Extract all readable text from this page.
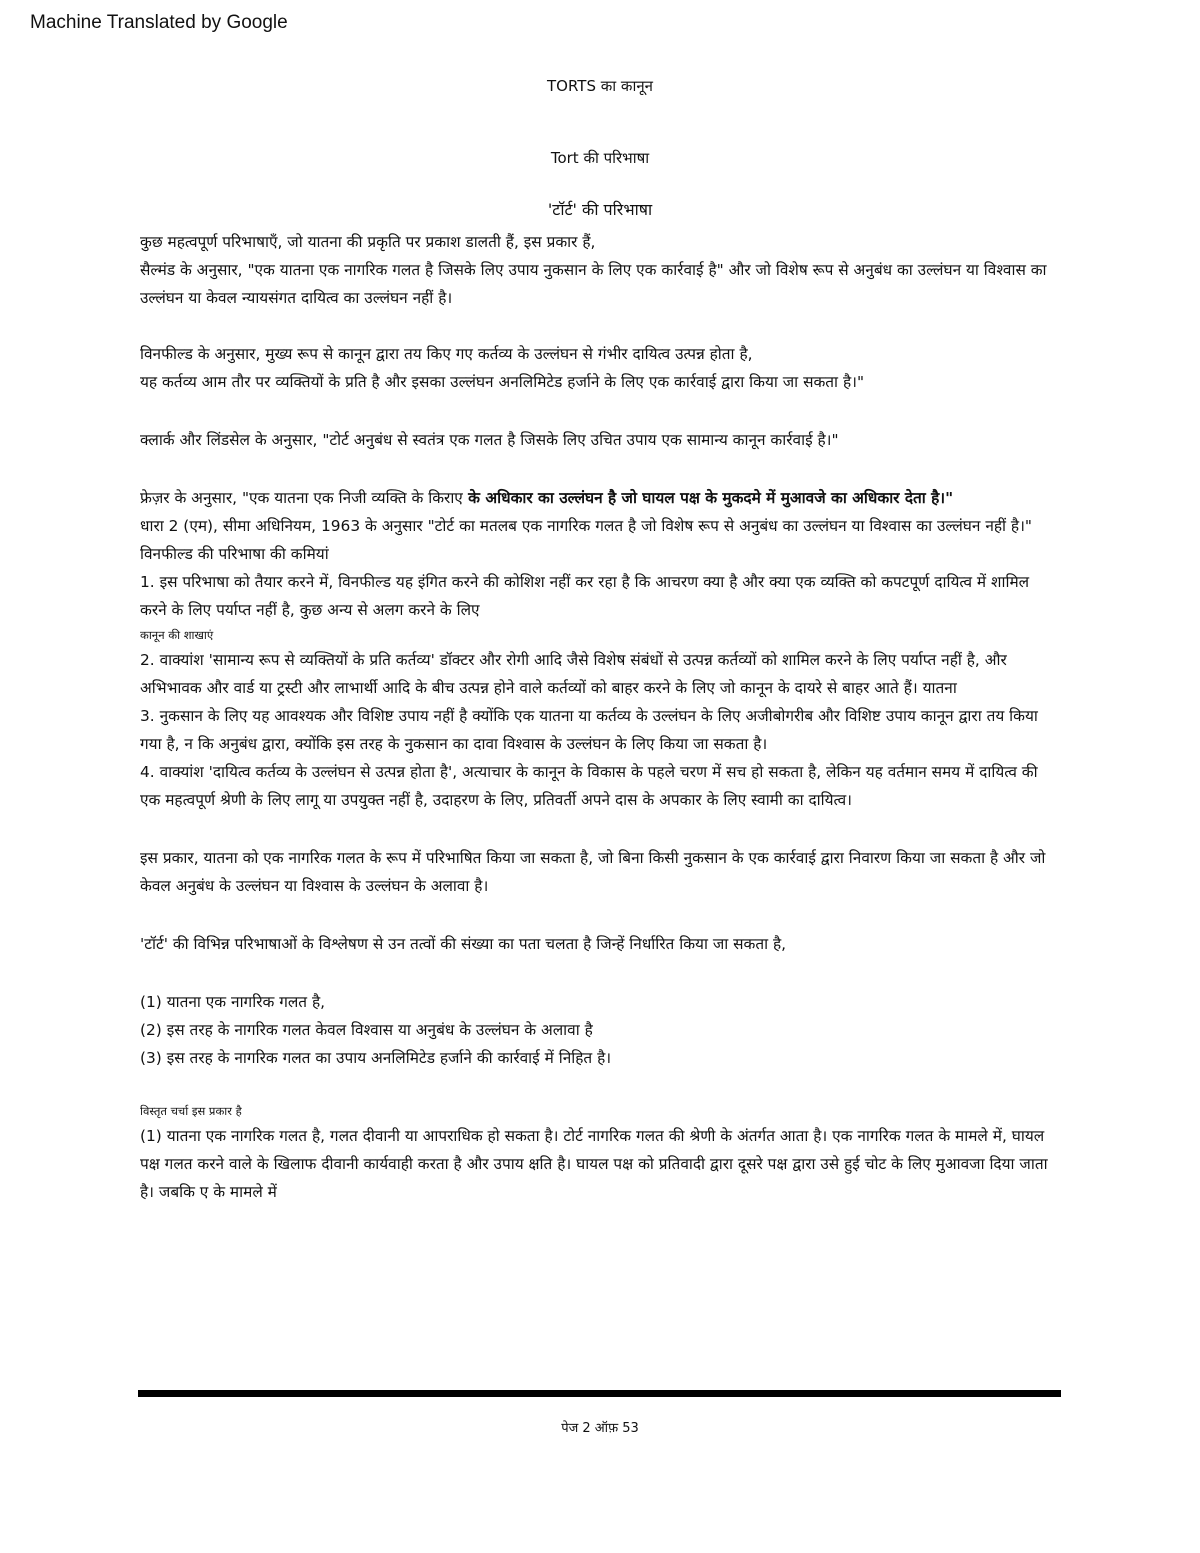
Machine Translated by Google
TORTS का कानून
Tort की परिभाषा
'टॉर्ट' की परिभाषा

कुछ महत्वपूर्ण परिभाषाएँ, जो यातना की प्रकृति पर प्रकाश डालती हैं, इस प्रकार हैं,

सैल्मंड के अनुसार, "एक यातना एक नागरिक गलत है जिसके लिए उपाय नुकसान के लिए एक कार्रवाई है" और जो विशेष रूप से अनुबंध का उल्लंघन या विश्वास का उल्लंघन या केवल न्यायसंगत दायित्व का उल्लंघन नहीं है।

विनफील्ड के अनुसार, मुख्य रूप से कानून द्वारा तय किए गए कर्तव्य के उल्लंघन से गंभीर दायित्व उत्पन्न होता है,

यह कर्तव्य आम तौर पर व्यक्तियों के प्रति है और इसका उल्लंघन अनलिमिटेड हर्जाने के लिए एक कार्रवाई द्वारा किया जा सकता है।"

क्लार्क और लिंडसेल के अनुसार, "टोर्ट अनुबंध से स्वतंत्र एक गलत है जिसके लिए उचित उपाय एक सामान्य कानून कार्रवाई है।"

फ्रेज़र के अनुसार, "एक यातना एक निजी व्यक्ति के किराए के अधिकार का उल्लंघन है जो घायल पक्ष के मुकदमे में मुआवजे का अधिकार देता है।"

धारा 2 (एम), सीमा अधिनियम, 1963 के अनुसार "टोर्ट का मतलब एक नागरिक गलत है जो विशेष रूप से अनुबंध का उल्लंघन या विश्वास का उल्लंघन नहीं है।" विनफील्ड की परिभाषा की कमियां

1. इस परिभाषा को तैयार करने में, विनफील्ड यह इंगित करने की कोशिश नहीं कर रहा है कि आचरण क्या है और क्या एक व्यक्ति को कपटपूर्ण दायित्व में शामिल करने के लिए पर्याप्त नहीं है, कुछ अन्य से अलग करने के लिए

कानून की शाखाएं

2. वाक्यांश 'सामान्य रूप से व्यक्तियों के प्रति कर्तव्य' डॉक्टर और रोगी आदि जैसे विशेष संबंधों से उत्पन्न कर्तव्यों को शामिल करने के लिए पर्याप्त नहीं है, और अभिभावक और वार्ड या ट्रस्टी और लाभार्थी आदि के बीच उत्पन्न होने वाले कर्तव्यों को बाहर करने के लिए जो कानून के दायरे से बाहर आते हैं। यातना

3. नुकसान के लिए यह आवश्यक और विशिष्ट उपाय नहीं है क्योंकि एक यातना या कर्तव्य के उल्लंघन के लिए अजीबोगरीब और विशिष्ट उपाय कानून द्वारा तय किया गया है, न कि अनुबंध द्वारा, क्योंकि इस तरह के नुकसान का दावा विश्वास के उल्लंघन के लिए किया जा सकता है।

4. वाक्यांश 'दायित्व कर्तव्य के उल्लंघन से उत्पन्न होता है', अत्याचार के कानून के विकास के पहले चरण में सच हो सकता है, लेकिन यह वर्तमान समय में दायित्व की एक महत्वपूर्ण श्रेणी के लिए लागू या उपयुक्त नहीं है, उदाहरण के लिए, प्रतिवर्ती अपने दास के अपकार के लिए स्वामी का दायित्व।

इस प्रकार, यातना को एक नागरिक गलत के रूप में परिभाषित किया जा सकता है, जो बिना किसी नुकसान के एक कार्रवाई द्वारा निवारण किया जा सकता है और जो केवल अनुबंध के उल्लंघन या विश्वास के उल्लंघन के अलावा है।

'टॉर्ट' की विभिन्न परिभाषाओं के विश्लेषण से उन तत्वों की संख्या का पता चलता है जिन्हें निर्धारित किया जा सकता है,

(1) यातना एक नागरिक गलत है,

(2) इस तरह के नागरिक गलत केवल विश्वास या अनुबंध के उल्लंघन के अलावा है

(3) इस तरह के नागरिक गलत का उपाय अनलिमिटेड हर्जाने की कार्रवाई में निहित है।

विस्तृत चर्चा इस प्रकार है

(1) यातना एक नागरिक गलत है, गलत दीवानी या आपराधिक हो सकता है। टोर्ट नागरिक गलत की श्रेणी के अंतर्गत आता है। एक नागरिक गलत के मामले में, घायल पक्ष गलत करने वाले के खिलाफ दीवानी कार्यवाही करता है और उपाय क्षति है। घायल पक्ष को प्रतिवादी द्वारा दूसरे पक्ष द्वारा उसे हुई चोट के लिए मुआवजा दिया जाता है। जबकि ए के मामले में

पेज 2 ऑफ़ 53
